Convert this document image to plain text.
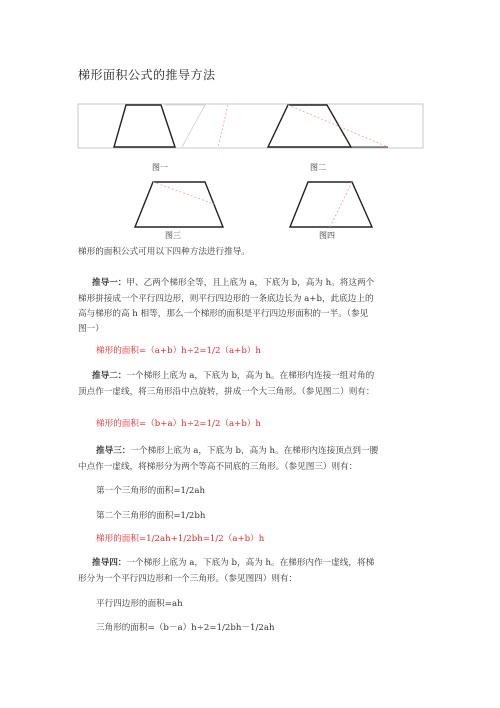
梯形面积公式的推导方法
图一	图二
图三	图四
梯形的面积公式可用以下四种方法进行推导。
推导一：甲、乙两个梯形全等，且上底为 a，下底为 b，高为 h。将这两个
梯形拼接成一个平行四边形，则平行四边形的一条底边长为 a+b，此底边上的
高与梯形的高 h 相等，那么一个梯形的面积是平行四边形面积的一半。（参见
图一）
梯形的面积=（a+b）h÷2=1/2（a+b）h
推导二：一个梯形上底为 a，下底为 b，高为 h。在梯形内连接一组对角的
顶点作一虚线，将三角形沿中点旋转，拼成一个大三角形。（参见图二）则有：
梯形的面积=（b+a）h÷2=1/2（a+b）h
推导三：一个梯形上底为 a，下底为 b，高为 h。在梯形内连接顶点到一腰
中点作一虚线，将梯形分为两个等高不同底的三角形。（参见图三）则有：
第一个三角形的面积=1/2ah
第二个三角形的面积=1/2bh
梯形的面积=1/2ah+1/2bh=1/2（a+b）h
推导四：一个梯形上底为 a，下底为 b，高为 h。在梯形内作一虚线，将梯
形分为一个平行四边形和一个三角形。（参见图四）则有：
平行四边形的面积=ah
三角形的面积=（b－a）h÷2=1/2bh－1/2ah
